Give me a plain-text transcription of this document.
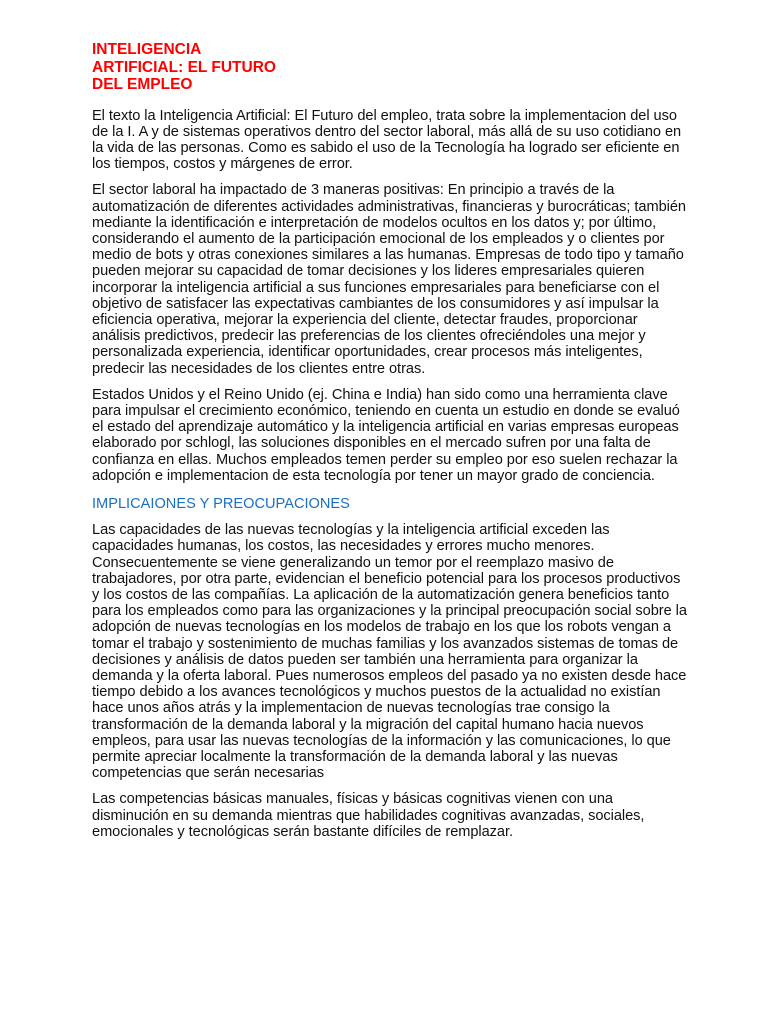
INTELIGENCIA
ARTIFICIAL: EL FUTURO
DEL EMPLEO

El texto la Inteligencia Artificial: El Futuro del empleo, trata sobre la implementacion del uso de la I. A y de sistemas operativos dentro del sector laboral, más allá de su uso cotidiano en la vida de las personas. Como es sabido el uso de la Tecnología ha logrado ser eficiente en los tiempos, costos y márgenes de error.

El sector laboral ha impactado de 3 maneras positivas: En principio a través de la automatización de diferentes actividades administrativas, financieras y burocráticas; también mediante la identificación e interpretación de modelos ocultos en los datos y; por último, considerando el aumento de la participación emocional de los empleados y o clientes por medio de bots y otras conexiones similares a las humanas. Empresas de todo tipo y tamaño pueden mejorar su capacidad de tomar decisiones y los lideres empresariales quieren incorporar la inteligencia artificial a sus funciones empresariales para beneficiarse con el objetivo de satisfacer las expectativas cambiantes de los consumidores y así impulsar la eficiencia operativa, mejorar la experiencia del cliente, detectar fraudes, proporcionar análisis predictivos, predecir las preferencias de los clientes ofreciéndoles una mejor y personalizada experiencia, identificar oportunidades, crear procesos más inteligentes, predecir las necesidades de los clientes entre otras.

Estados Unidos y el Reino Unido (ej. China e India) han sido como una herramienta clave para impulsar el crecimiento económico, teniendo en cuenta un estudio en donde se evaluó el estado del aprendizaje automático y la inteligencia artificial en varias empresas europeas elaborado por schlogl, las soluciones disponibles en el mercado sufren por una falta de confianza en ellas. Muchos empleados temen perder su empleo por eso suelen rechazar la adopción e implementacion de esta tecnología por tener un mayor grado de conciencia.

IMPLICAIONES Y PREOCUPACIONES

Las capacidades de las nuevas tecnologías y la inteligencia artificial exceden las capacidades humanas, los costos, las necesidades y errores mucho menores. Consecuentemente se viene generalizando un temor por el reemplazo masivo de trabajadores, por otra parte, evidencian el beneficio potencial para los procesos productivos y los costos de las compañías. La aplicación de la automatización genera beneficios tanto para los empleados como para las organizaciones y la principal preocupación social sobre la adopción de nuevas tecnologías en los modelos de trabajo en los que los robots vengan a tomar el trabajo y sostenimiento de muchas familias y los avanzados sistemas de tomas de decisiones y análisis de datos pueden ser también una herramienta para organizar la demanda y la oferta laboral. Pues numerosos empleos del pasado ya no existen desde hace tiempo debido a los avances tecnológicos y muchos puestos de la actualidad no existían hace unos años atrás y la implementacion de nuevas tecnologías trae consigo la transformación de la demanda laboral y la migración del capital humano hacia nuevos empleos, para usar las nuevas tecnologías de la información y las comunicaciones, lo que permite apreciar localmente la transformación de la demanda laboral y las nuevas competencias que serán necesarias

Las competencias básicas manuales, físicas y básicas cognitivas vienen con una disminución en su demanda mientras que habilidades cognitivas avanzadas, sociales, emocionales y tecnológicas serán bastante difíciles de remplazar.
